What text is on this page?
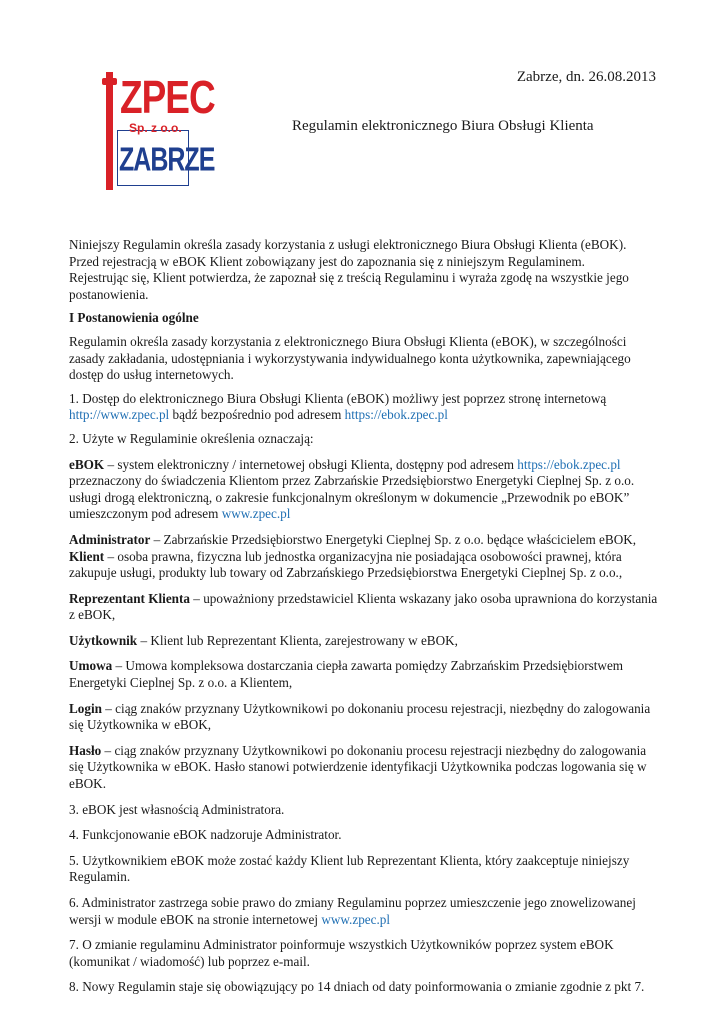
ZPEC
Sp. z o.o.
ZABRZE
Zabrze, dn. 26.08.2013
Regulamin elektronicznego Biura Obsługi Klienta

Niniejszy Regulamin określa zasady korzystania z usługi elektronicznego Biura Obsługi Klienta (eBOK).
Przed rejestracją w eBOK Klient zobowiązany jest do zapoznania się z niniejszym Regulaminem.
Rejestrując się, Klient potwierdza, że zapoznał się z treścią Regulaminu i wyraża zgodę na wszystkie jego postanowienia.

I Postanowienia ogólne

Regulamin określa zasady korzystania z elektronicznego Biura Obsługi Klienta (eBOK), w szczególności zasady zakładania, udostępniania i wykorzystywania indywidualnego konta użytkownika, zapewniającego dostęp do usług internetowych.

1. Dostęp do elektronicznego Biura Obsługi Klienta (eBOK) możliwy jest poprzez stronę internetową
http://www.zpec.pl bądź bezpośrednio pod adresem https://ebok.zpec.pl

2. Użyte w Regulaminie określenia oznaczają:

eBOK – system elektroniczny / internetowej obsługi Klienta, dostępny pod adresem https://ebok.zpec.pl przeznaczony do świadczenia Klientom przez Zabrzańskie Przedsiębiorstwo Energetyki Cieplnej Sp. z o.o. usługi drogą elektroniczną, o zakresie funkcjonalnym określonym w dokumencie „Przewodnik po eBOK” umieszczonym pod adresem www.zpec.pl

Administrator – Zabrzańskie Przedsiębiorstwo Energetyki Cieplnej Sp. z o.o. będące właścicielem eBOK,
Klient – osoba prawna, fizyczna lub jednostka organizacyjna nie posiadająca osobowości prawnej, która zakupuje usługi, produkty lub towary od Zabrzańskiego Przedsiębiorstwa Energetyki Cieplnej Sp. z o.o.,

Reprezentant Klienta – upoważniony przedstawiciel Klienta wskazany jako osoba uprawniona do korzystania z eBOK,

Użytkownik – Klient lub Reprezentant Klienta, zarejestrowany w eBOK,

Umowa – Umowa kompleksowa dostarczania ciepła zawarta pomiędzy Zabrzańskim Przedsiębiorstwem Energetyki Cieplnej Sp. z o.o. a Klientem,

Login – ciąg znaków przyznany Użytkownikowi po dokonaniu procesu rejestracji, niezbędny do zalogowania się Użytkownika w eBOK,

Hasło – ciąg znaków przyznany Użytkownikowi po dokonaniu procesu rejestracji niezbędny do zalogowania się Użytkownika w eBOK. Hasło stanowi potwierdzenie identyfikacji Użytkownika podczas logowania się w eBOK.

3. eBOK jest własnością Administratora.

4. Funkcjonowanie eBOK nadzoruje Administrator.

5. Użytkownikiem eBOK może zostać każdy Klient lub Reprezentant Klienta, który zaakceptuje niniejszy Regulamin.

6. Administrator zastrzega sobie prawo do zmiany Regulaminu poprzez umieszczenie jego znowelizowanej wersji w module eBOK na stronie internetowej www.zpec.pl

7. O zmianie regulaminu Administrator poinformuje wszystkich Użytkowników poprzez system eBOK (komunikat / wiadomość) lub poprzez e-mail.

8. Nowy Regulamin staje się obowiązujący po 14 dniach od daty poinformowania o zmianie zgodnie z pkt 7.
